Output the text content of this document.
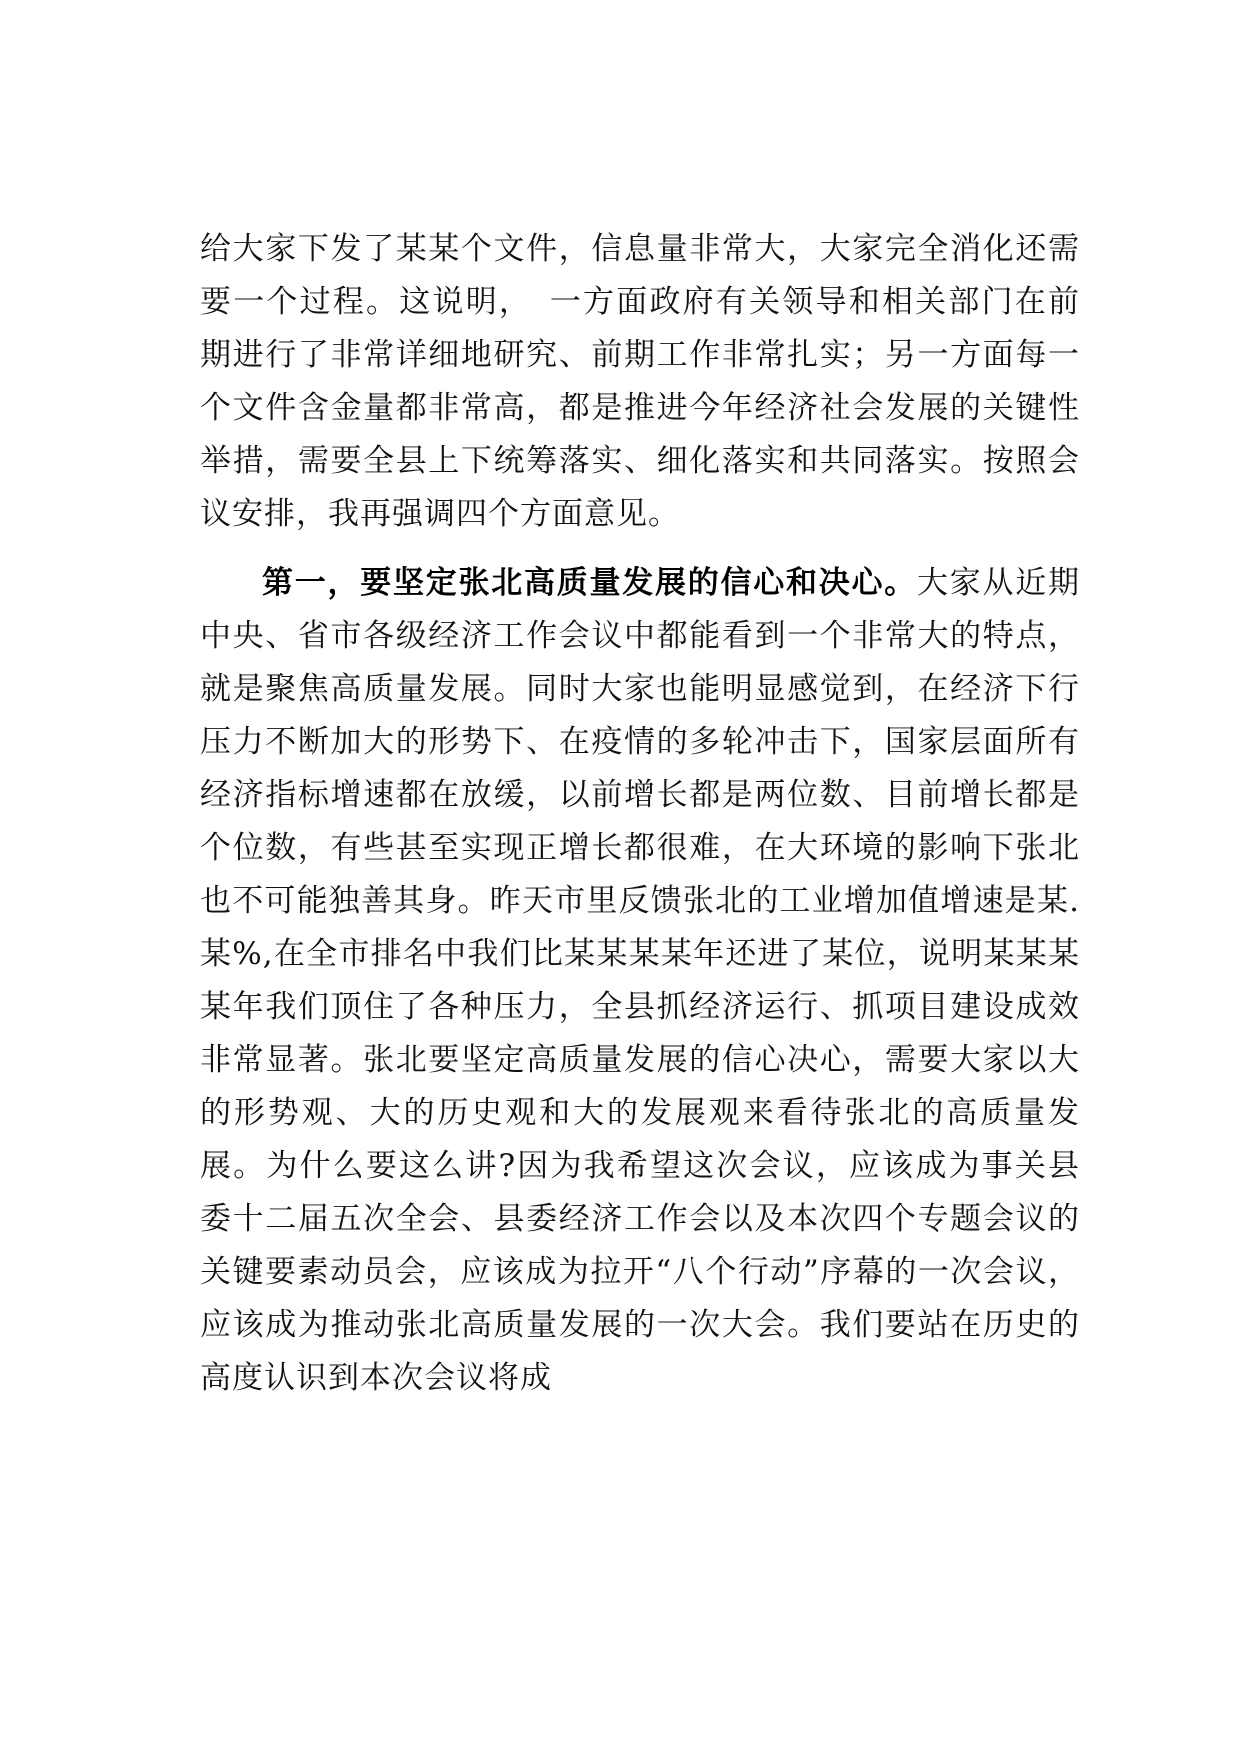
给大家下发了某某个文件，信息量非常大，大家完全消化还需要一个过程。这说明，　一方面政府有关领导和相关部门在前期进行了非常详细地研究、前期工作非常扎实；另一方面每一个文件含金量都非常高，都是推进今年经济社会发展的关键性举措，需要全县上下统筹落实、细化落实和共同落实。按照会议安排，我再强调四个方面意见。

第一，要坚定张北高质量发展的信心和决心。大家从近期中央、省市各级经济工作会议中都能看到一个非常大的特点，就是聚焦高质量发展。同时大家也能明显感觉到，在经济下行压力不断加大的形势下、在疫情的多轮冲击下，国家层面所有经济指标增速都在放缓，以前增长都是两位数、目前增长都是个位数，有些甚至实现正增长都很难，在大环境的影响下张北也不可能独善其身。昨天市里反馈张北的工业增加值增速是某.某%,在全市排名中我们比某某某某年还进了某位，说明某某某某年我们顶住了各种压力，全县抓经济运行、抓项目建设成效非常显著。张北要坚定高质量发展的信心决心，需要大家以大的形势观、大的历史观和大的发展观来看待张北的高质量发展。为什么要这么讲?因为我希望这次会议，应该成为事关县委十二届五次全会、县委经济工作会以及本次四个专题会议的关键要素动员会，应该成为拉开“八个行动”序幕的一次会议，应该成为推动张北高质量发展的一次大会。我们要站在历史的高度认识到本次会议将成
